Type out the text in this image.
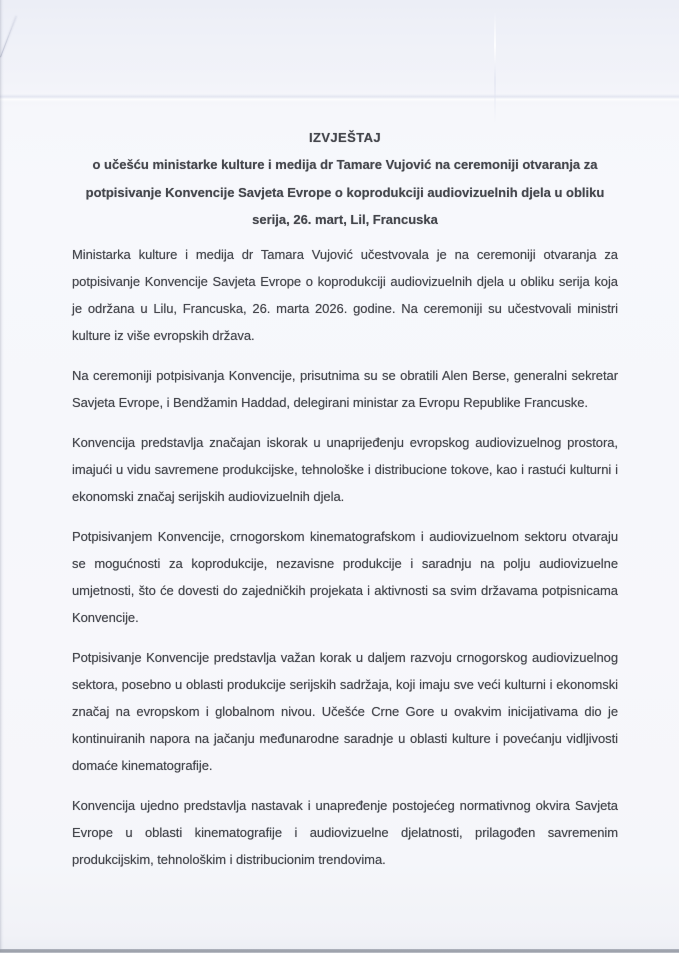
IZVJEŠTAJ
o učešću ministarke kulture i medija dr Tamare Vujović na ceremoniji otvaranja za
potpisivanje Konvencije Savjeta Evrope o koprodukciji audiovizuelnih djela u obliku
serija, 26. mart, Lil, Francuska

Ministarka kulture i medija dr Tamara Vujović učestvovala je na ceremoniji otvaranja za potpisivanje Konvencije Savjeta Evrope o koprodukciji audiovizuelnih djela u obliku serija koja je održana u Lilu, Francuska, 26. marta 2026. godine. Na ceremoniji su učestvovali ministri kulture iz više evropskih država.

Na ceremoniji potpisivanja Konvencije, prisutnima su se obratili Alen Berse, generalni sekretar Savjeta Evrope, i Bendžamin Haddad, delegirani ministar za Evropu Republike Francuske.

Konvencija predstavlja značajan iskorak u unaprijeđenju evropskog audiovizuelnog prostora, imajući u vidu savremene produkcijske, tehnološke i distribucione tokove, kao i rastući kulturni i ekonomski značaj serijskih audiovizuelnih djela.

Potpisivanjem Konvencije, crnogorskom kinematografskom i audiovizuelnom sektoru otvaraju se mogućnosti za koprodukcije, nezavisne produkcije i saradnju na polju audiovizuelne umjetnosti, što će dovesti do zajedničkih projekata i aktivnosti sa svim državama potpisnicama Konvencije.

Potpisivanje Konvencije predstavlja važan korak u daljem razvoju crnogorskog audiovizuelnog sektora, posebno u oblasti produkcije serijskih sadržaja, koji imaju sve veći kulturni i ekonomski značaj na evropskom i globalnom nivou. Učešće Crne Gore u ovakvim inicijativama dio je kontinuiranih napora na jačanju međunarodne saradnje u oblasti kulture i povećanju vidljivosti domaće kinematografije.

Konvencija ujedno predstavlja nastavak i unapređenje postojećeg normativnog okvira Savjeta Evrope u oblasti kinematografije i audiovizuelne djelatnosti, prilagođen savremenim produkcijskim, tehnološkim i distribucionim trendovima.
